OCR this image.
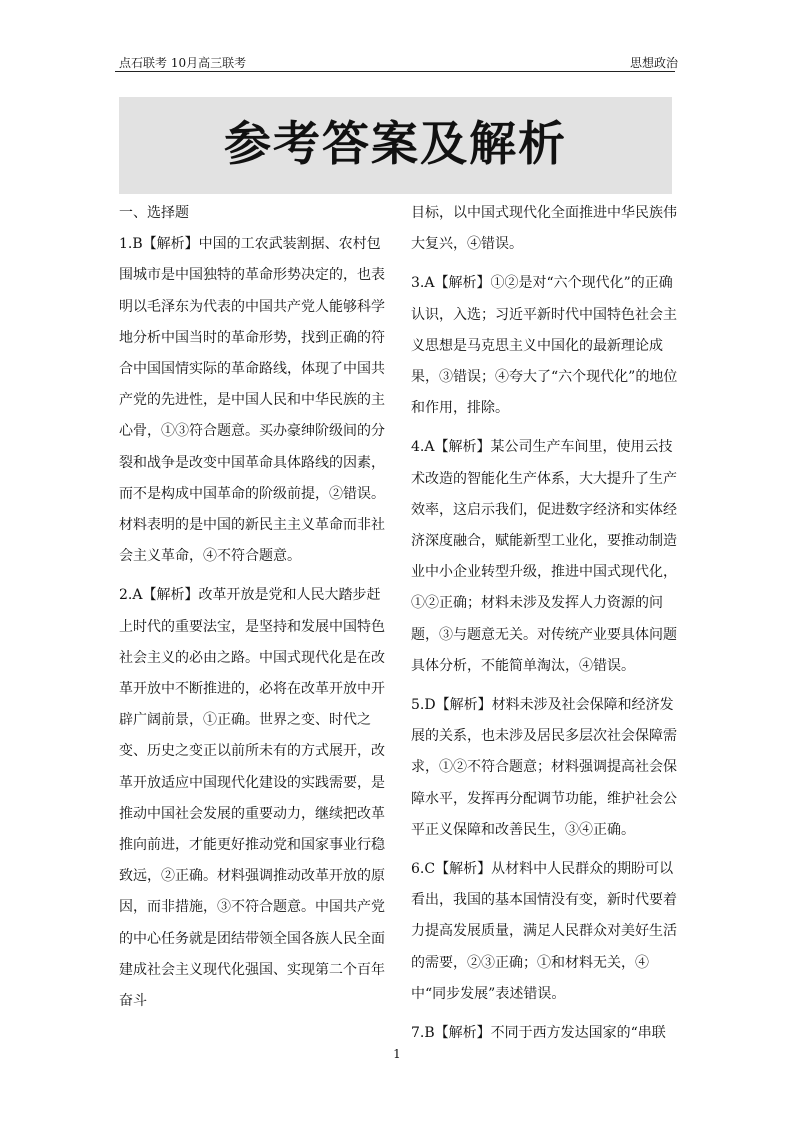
点石联考 10月高三联考	思想政治
参考答案及解析

一、选择题

1.B【解析】中国的工农武装割据、农村包围城市是中国独特的革命形势决定的，也表明以毛泽东为代表的中国共产党人能够科学地分析中国当时的革命形势，找到正确的符合中国国情实际的革命路线，体现了中国共产党的先进性，是中国人民和中华民族的主心骨，①③符合题意。买办豪绅阶级间的分裂和战争是改变中国革命具体路线的因素，而不是构成中国革命的阶级前提，②错误。材料表明的是中国的新民主主义革命而非社会主义革命，④不符合题意。

2.A【解析】改革开放是党和人民大踏步赶上时代的重要法宝，是坚持和发展中国特色社会主义的必由之路。中国式现代化是在改革开放中不断推进的，必将在改革开放中开辟广阔前景，①正确。世界之变、时代之变、历史之变正以前所未有的方式展开，改革开放适应中国现代化建设的实践需要，是推动中国社会发展的重要动力，继续把改革推向前进，才能更好推动党和国家事业行稳致远，②正确。材料强调推动改革开放的原因，而非措施，③不符合题意。中国共产党的中心任务就是团结带领全国各族人民全面建成社会主义现代化强国、实现第二个百年奋斗

目标，以中国式现代化全面推进中华民族伟大复兴，④错误。

3.A【解析】①②是对“六个现代化”的正确认识，入选；习近平新时代中国特色社会主义思想是马克思主义中国化的最新理论成果，③错误；④夸大了“六个现代化”的地位和作用，排除。

4.A【解析】某公司生产车间里，使用云技术改造的智能化生产体系，大大提升了生产效率，这启示我们，促进数字经济和实体经济深度融合，赋能新型工业化，要推动制造业中小企业转型升级，推进中国式现代化，①②正确；材料未涉及发挥人力资源的问题，③与题意无关。对传统产业要具体问题具体分析，不能简单淘汰，④错误。

5.D【解析】材料未涉及社会保障和经济发展的关系，也未涉及居民多层次社会保障需求，①②不符合题意；材料强调提高社会保障水平，发挥再分配调节功能，维护社会公平正义保障和改善民生，③④正确。

6.C【解析】从材料中人民群众的期盼可以看出，我国的基本国情没有变，新时代要着力提高发展质量，满足人民群众对美好生活的需要，②③正确；①和材料无关，④中“同步发展”表述错误。

7.B【解析】不同于西方发达国家的“串联

1
